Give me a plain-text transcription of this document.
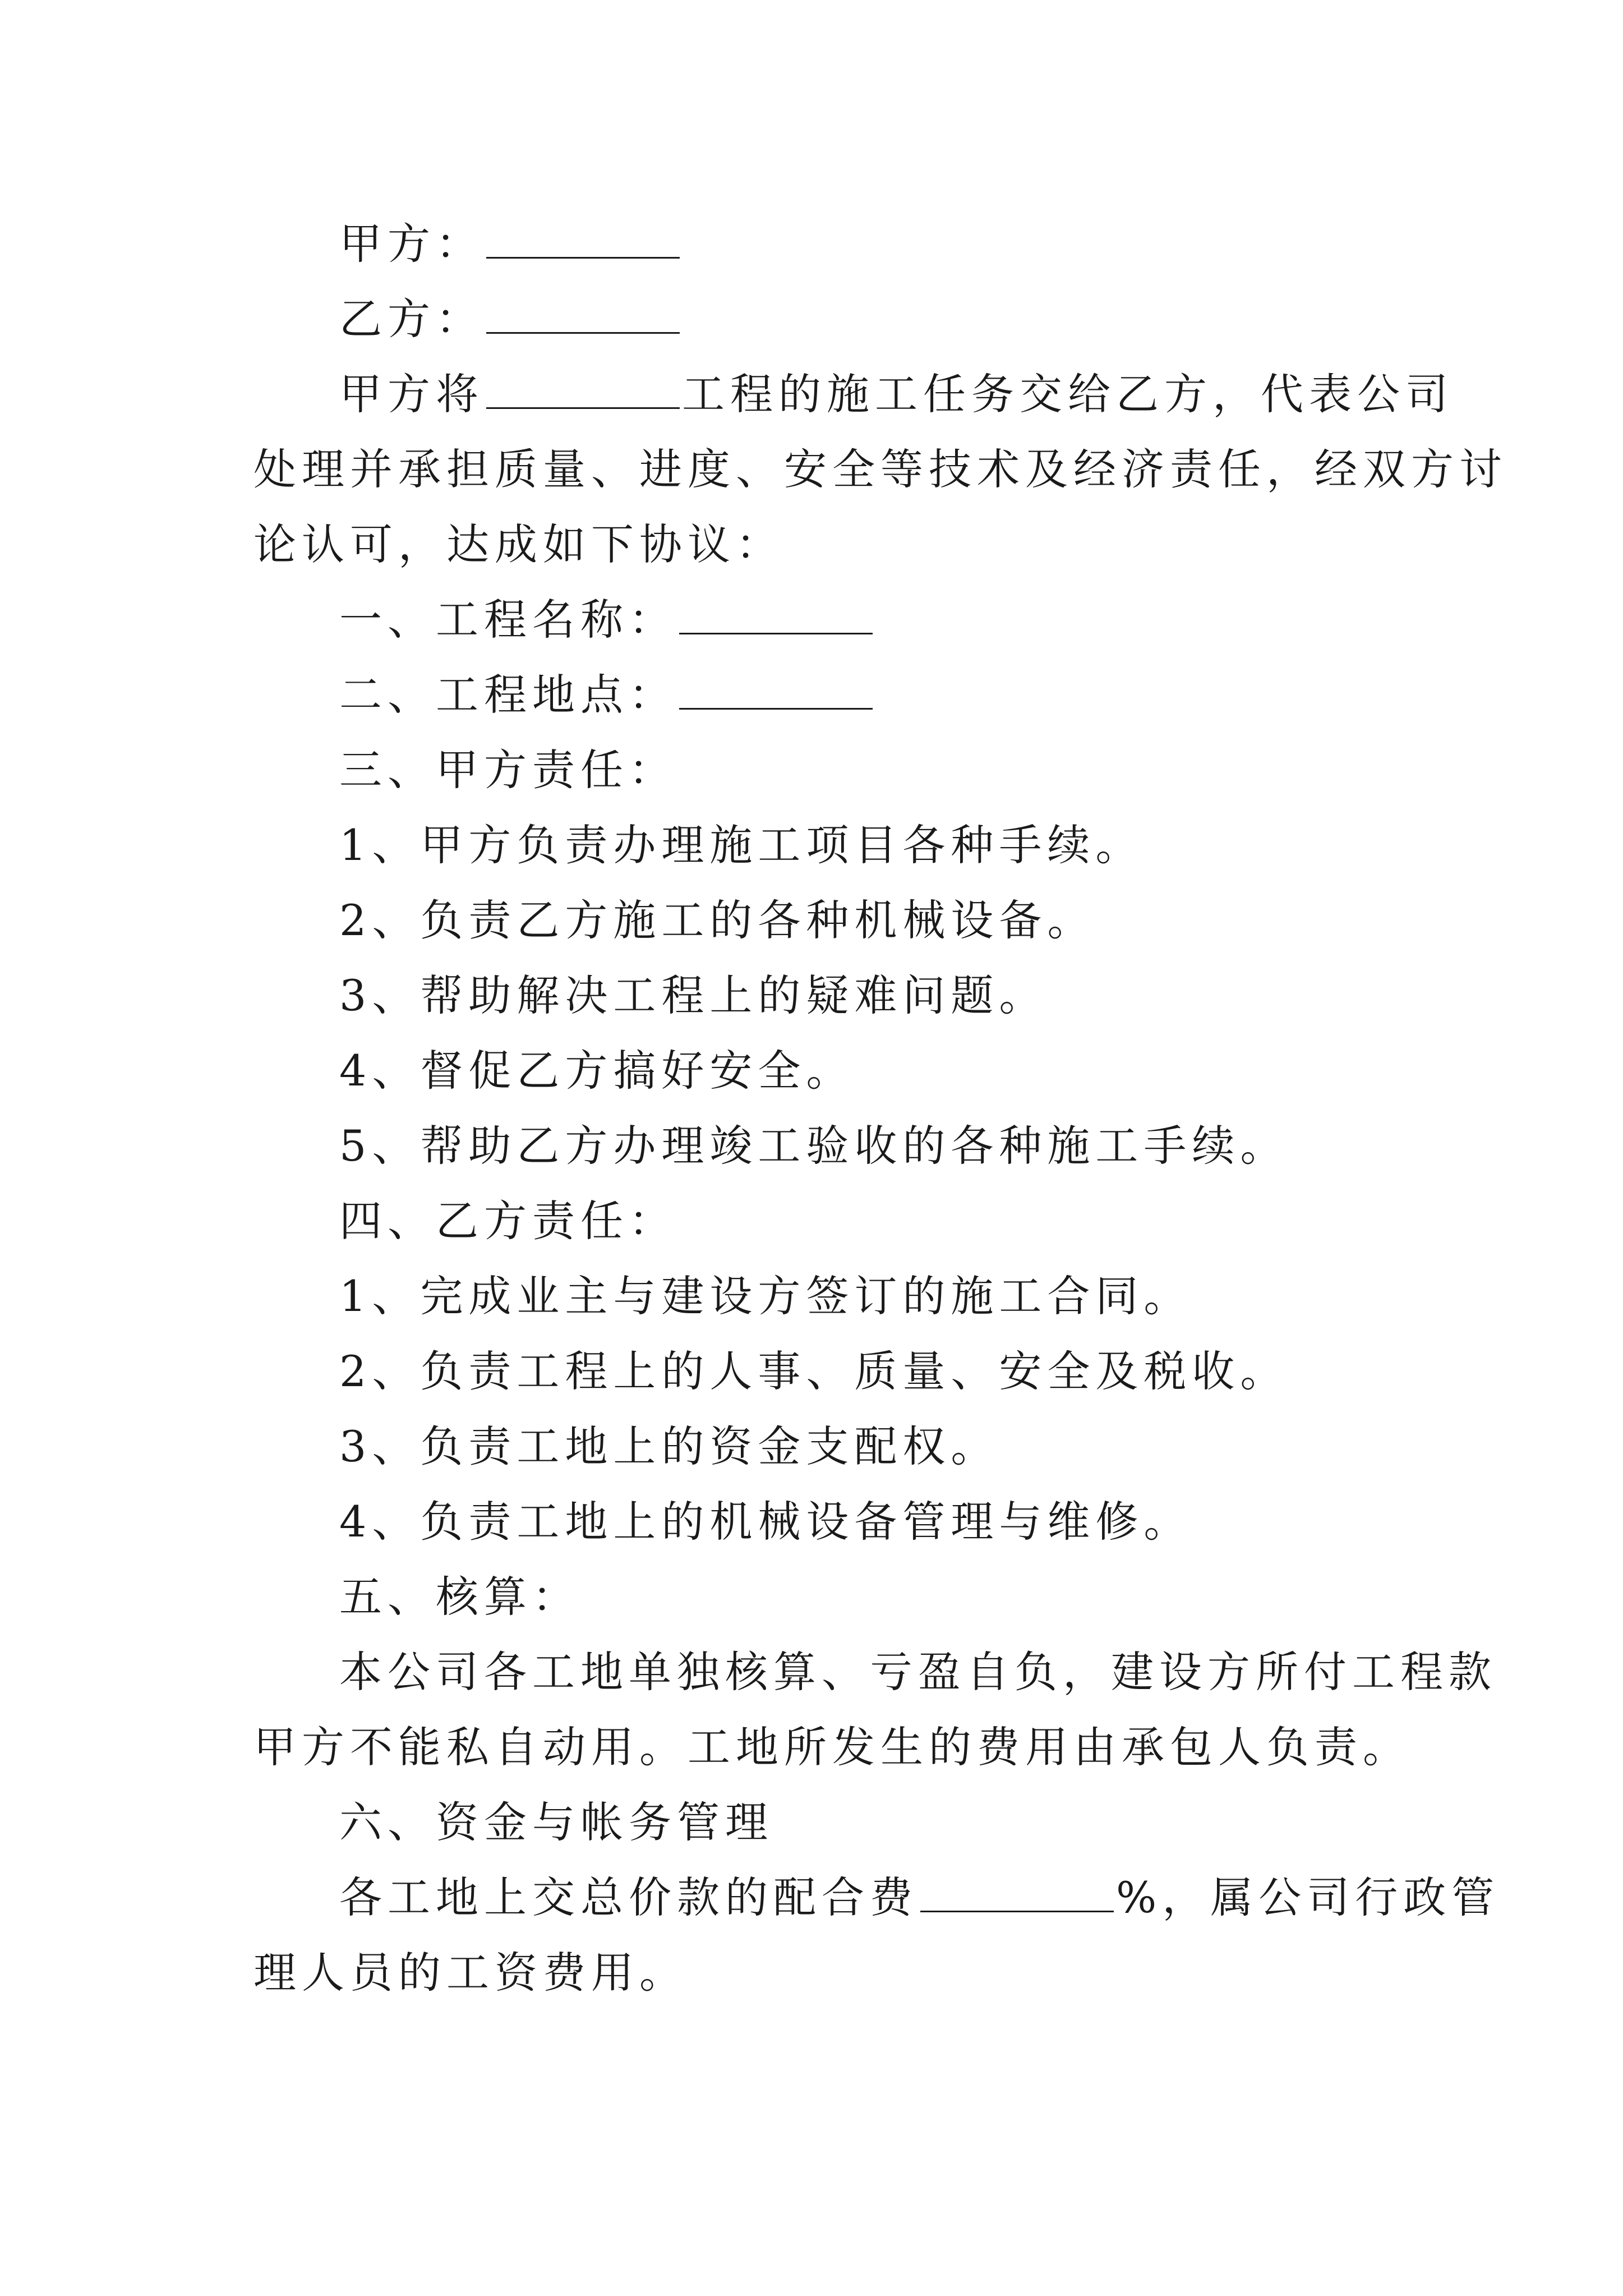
甲方：
乙方：
甲方将	工程的施工任务交给乙方，代表公司
处理并承担质量、进度、安全等技术及经济责任，经双方讨
论认可，达成如下协议：
一、工程名称：
二、工程地点：
三、甲方责任：
1、甲方负责办理施工项目各种手续。
2、负责乙方施工的各种机械设备。
3、帮助解决工程上的疑难问题。
4、督促乙方搞好安全。
5、帮助乙方办理竣工验收的各种施工手续。
四、乙方责任：
1、完成业主与建设方签订的施工合同。
2、负责工程上的人事、质量、安全及税收。
3、负责工地上的资金支配权。
4、负责工地上的机械设备管理与维修。
五、核算：
本公司各工地单独核算、亏盈自负，建设方所付工程款
甲方不能私自动用。工地所发生的费用由承包人负责。
六、资金与帐务管理
各工地上交总价款的配合费	%，属公司行政管
理人员的工资费用。
